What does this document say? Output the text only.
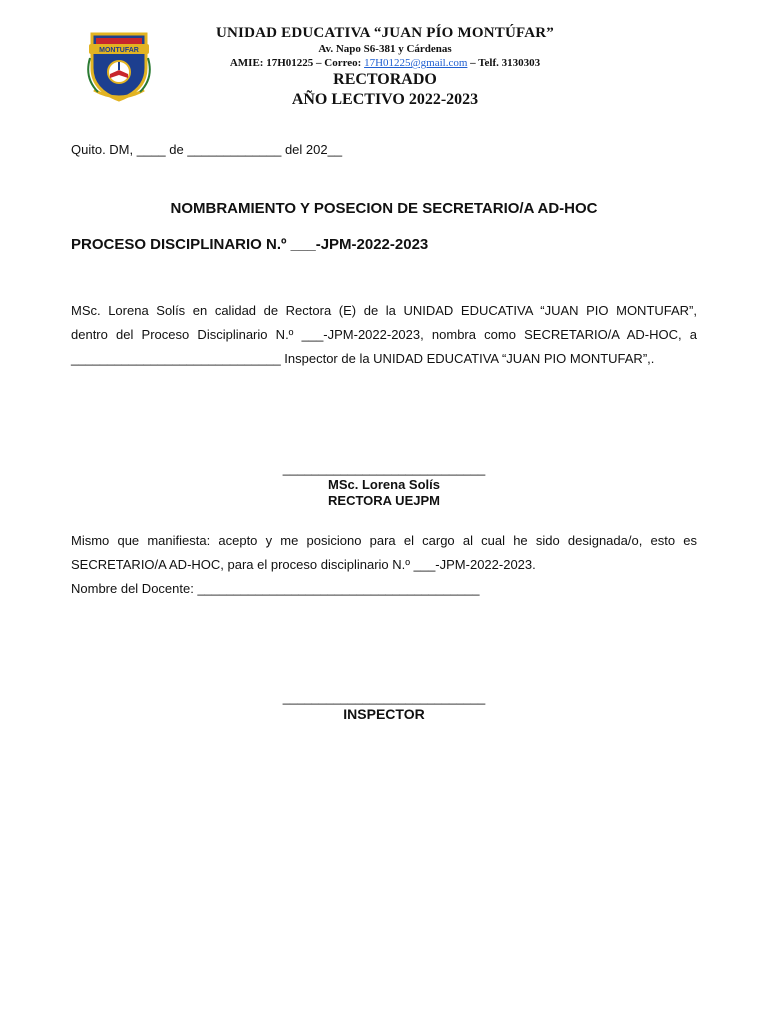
MONTUFAR
UNIDAD EDUCATIVA “JUAN PÍO MONTÚFAR”
Av. Napo S6-381 y Cárdenas
AMIE: 17H01225 – Correo: 17H01225@gmail.com – Telf. 3130303
RECTORADO
AÑO LECTIVO 2022-2023
Quito. DM, ____ de _____________ del 202__
NOMBRAMIENTO Y POSECION DE SECRETARIO/A AD-HOC
PROCESO DISCIPLINARIO N.º ___-JPM-2022-2023
MSc. Lorena Solís en calidad de Rectora (E) de la UNIDAD EDUCATIVA “JUAN PIO MONTUFAR”,
dentro del Proceso Disciplinario N.º ___-JPM-2022-2023, nombra como SECRETARIO/A AD-HOC, a
_____________________________ Inspector de la UNIDAD EDUCATIVA “JUAN PIO MONTUFAR”,.
____________________________
MSc. Lorena Solís
RECTORA UEJPM
Mismo que manifiesta: acepto y me posiciono para el cargo al cual he sido designada/o, esto es
SECRETARIO/A AD-HOC, para el proceso disciplinario N.º ___-JPM-2022-2023.
Nombre del Docente: _______________________________________
____________________________
INSPECTOR
